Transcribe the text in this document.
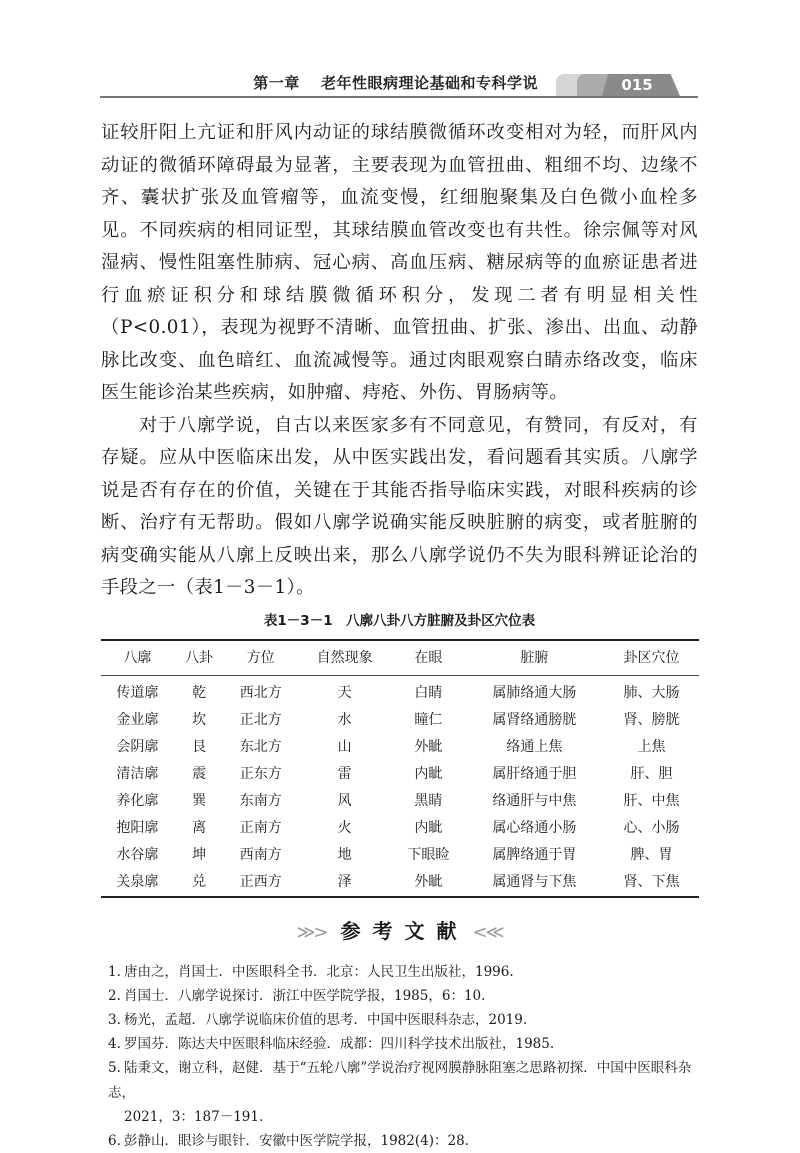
第一章　 老年性眼病理论基础和专科学说	015

证较肝阳上亢证和肝风内动证的球结膜微循环改变相对为轻，而肝风内动证的微循环障碍最为显著，主要表现为血管扭曲、粗细不均、边缘不齐、囊状扩张及血管瘤等，血流变慢，红细胞聚集及白色微小血栓多见。不同疾病的相同证型，其球结膜血管改变也有共性。徐宗佩等对风湿病、慢性阻塞性肺病、冠心病、高血压病、糖尿病等的血瘀证患者进行血瘀证积分和球结膜微循环积分，发现二者有明显相关性（P<0.01），表现为视野不清晰、血管扭曲、扩张、渗出、出血、动静脉比改变、血色暗红、血流减慢等。通过肉眼观察白睛赤络改变，临床医生能诊治某些疾病，如肿瘤、痔疮、外伤、胃肠病等。

对于八廓学说，自古以来医家多有不同意见，有赞同，有反对，有存疑。应从中医临床出发，从中医实践出发，看问题看其实质。八廓学说是否有存在的价值，关键在于其能否指导临床实践，对眼科疾病的诊断、治疗有无帮助。假如八廓学说确实能反映脏腑的病变，或者脏腑的病变确实能从八廓上反映出来，那么八廓学说仍不失为眼科辨证论治的手段之一（表1－3－1）。

表1－3－1　八廓八卦八方脏腑及卦区穴位表
八廓	八卦	方位	自然现象	在眼	脏腑	卦区穴位
传道廓	乾	西北方	天	白睛	属肺络通大肠	肺、大肠
金业廓	坎	正北方	水	瞳仁	属肾络通膀胱	肾、膀胱
会阴廓	艮	东北方	山	外眦	络通上焦	上焦
清洁廓	震	正东方	雷	内眦	属肝络通于胆	肝、胆
养化廓	巽	东南方	风	黑睛	络通肝与中焦	肝、中焦
抱阳廓	离	正南方	火	内眦	属心络通小肠	心、小肠
水谷廓	坤	西南方	地	下眼睑	属脾络通于胃	脾、胃
关泉廓	兑	正西方	泽	外眦	属通肾与下焦	肾、下焦
≫> 参考文献 <≪
1. 唐由之，肖国士．中医眼科全书．北京：人民卫生出版社，1996.
2. 肖国士．八廓学说探讨．浙江中医学院学报，1985，6：10.
3. 杨光，孟超．八廓学说临床价值的思考．中国中医眼科杂志，2019.
4. 罗国芬．陈达夫中医眼科临床经验．成都：四川科学技术出版社，1985.
5. 陆秉文，谢立科，赵健．基于“五轮八廓”学说治疗视网膜静脉阻塞之思路初探．中国中医眼科杂志，
2021，3：187－191.
6. 彭静山．眼诊与眼针．安徽中医学院学报，1982(4)：28.
